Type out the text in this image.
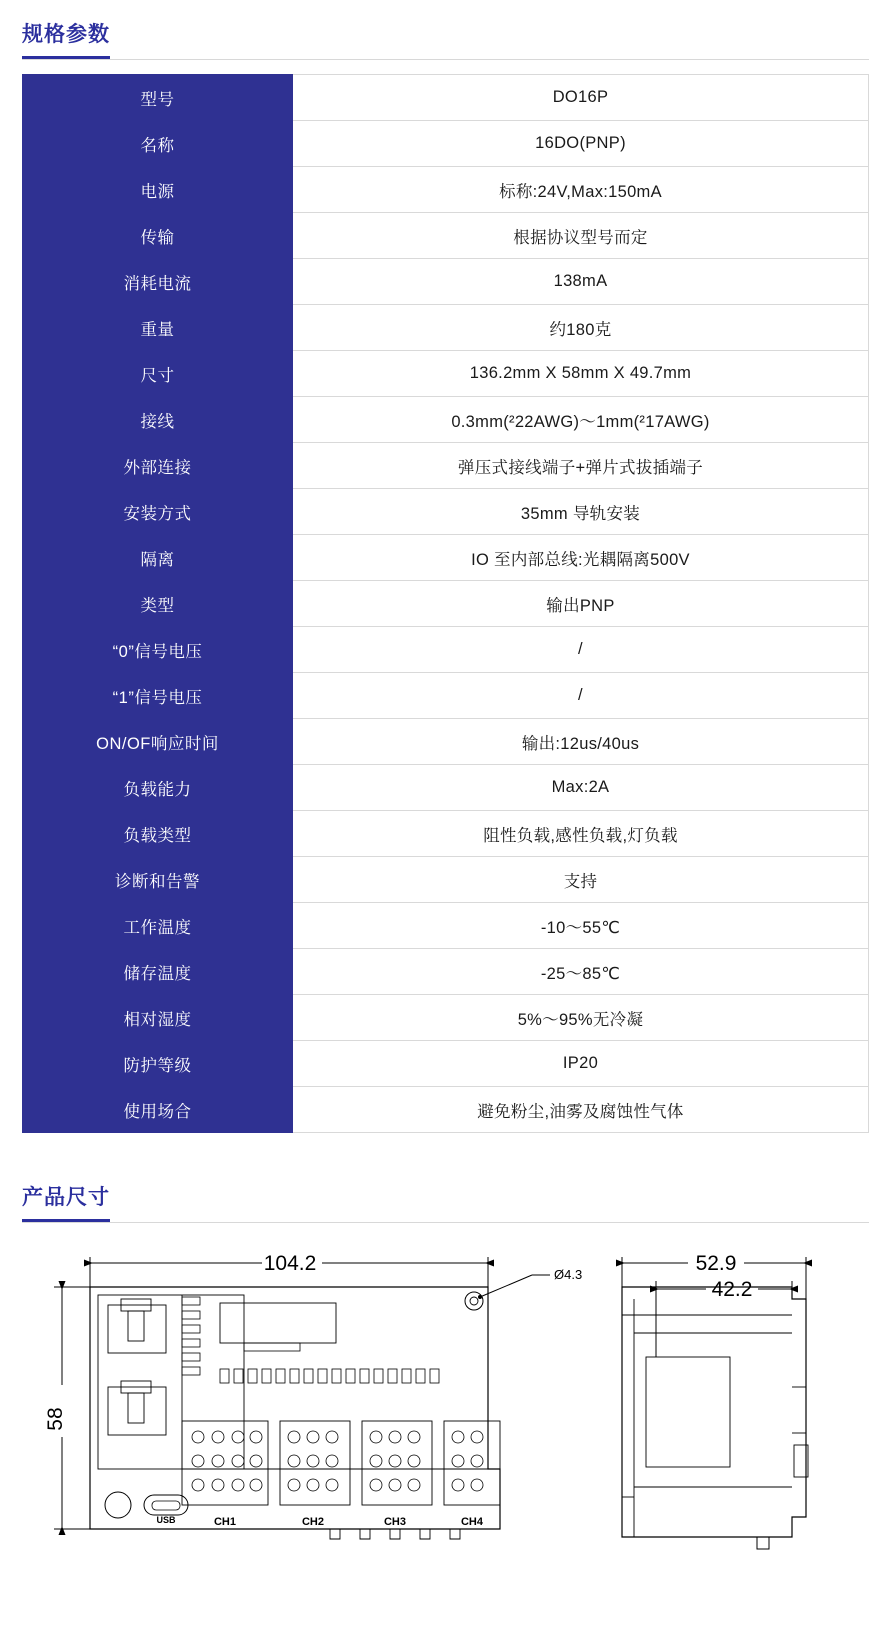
规格参数
型号	DO16P
名称	16DO(PNP)
电源	标称:24V,Max:150mA
传输	根据协议型号而定
消耗电流	138mA
重量	约180克
尺寸	136.2mm X 58mm X 49.7mm
接线	0.3mm(²22AWG)～1mm(²17AWG)
外部连接	弹压式接线端子+弹片式拔插端子
安装方式	35mm 导轨安装
隔离	IO 至内部总线:光耦隔离500V
类型	输出PNP
“0”信号电压	/
“1”信号电压	/
ON/OF响应时间	输出:12us/40us
负载能力	Max:2A
负载类型	阻性负载,感性负载,灯负载
诊断和告警	支持
工作温度	-10～55℃
储存温度	-25～85℃
相对湿度	5%～95%无冷凝
防护等级	IP20
使用场合	避免粉尘,油雾及腐蚀性气体
产品尺寸
CH1	CH2	CH3	CH4
USB
104.2
58
Ø4.3	52.9
42.2
